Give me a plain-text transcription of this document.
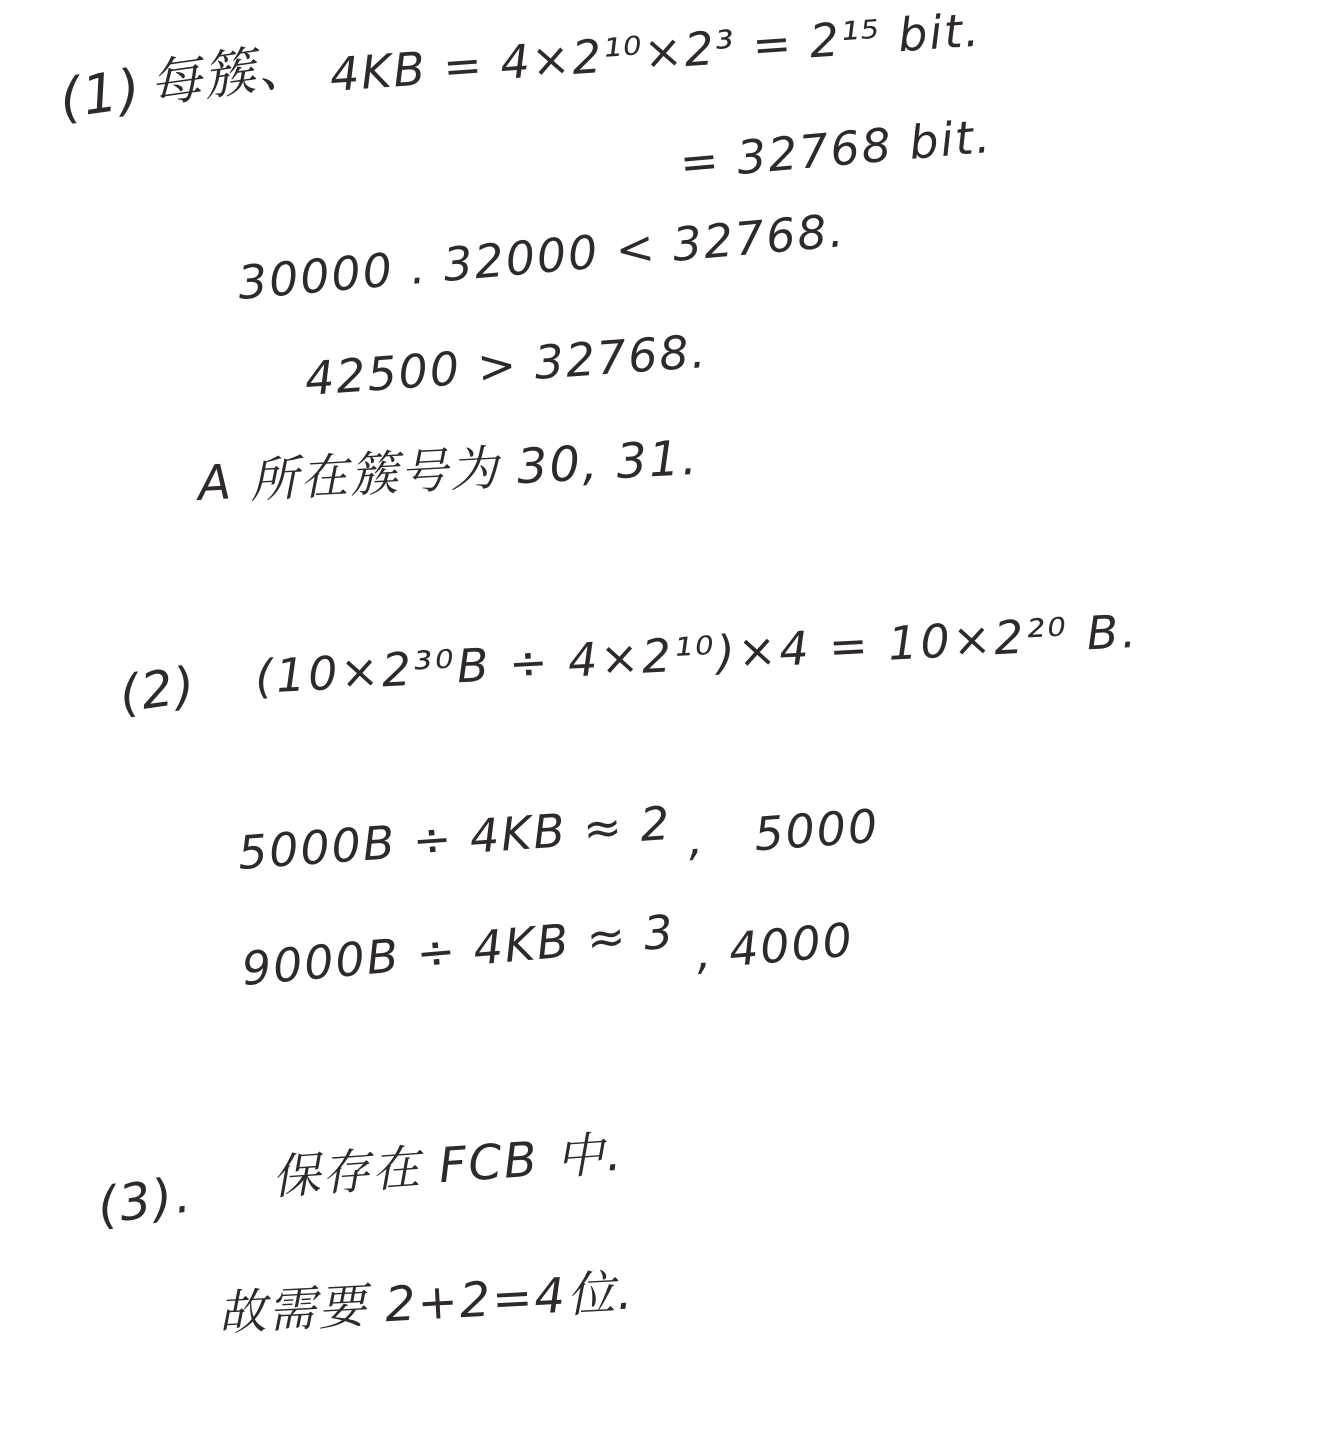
(1) 每簇、 4KB = 4×2¹⁰×2³ = 2¹⁵ bit.
= 32768 bit.
30000 . 32000 < 32768.
42500 > 32768.
A 所在簇号为 30, 31.
(2) (10×2³⁰B ÷ 4×2¹⁰)×4 = 10×2²⁰ B.
5000B ÷ 4KB ≈ 2 ,   5000
9000B ÷ 4KB ≈ 3 , 4000
(3). 保存在 FCB 中.
故需要 2+2=4位.
